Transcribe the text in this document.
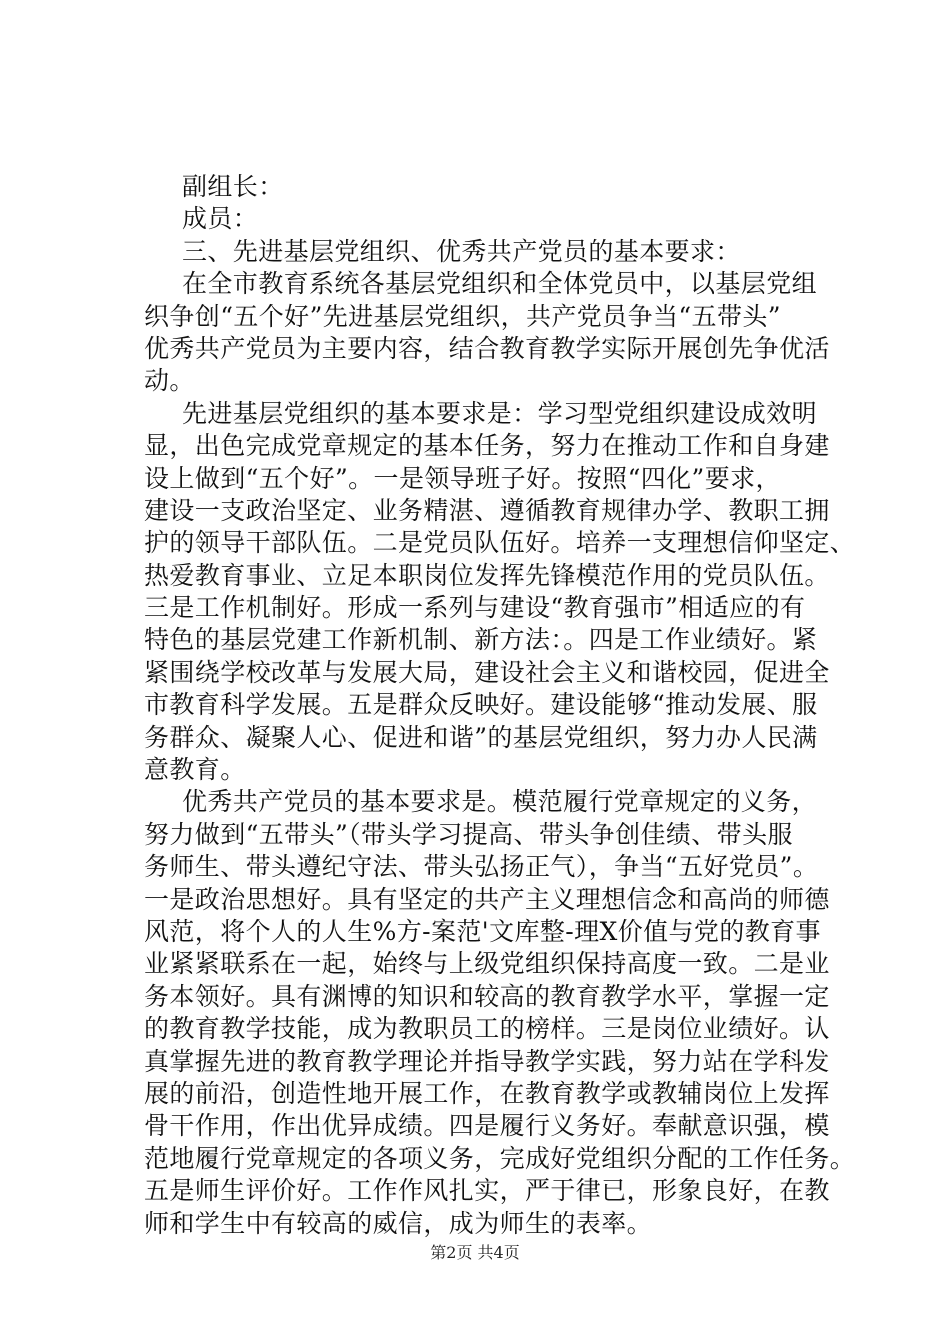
副组长：
成员：
三、先进基层党组织、优秀共产党员的基本要求：
在全市教育系统各基层党组织和全体党员中，以基层党组
织争创“五个好”先进基层党组织，共产党员争当“五带头”
优秀共产党员为主要内容，结合教育教学实际开展创先争优活
动。
先进基层党组织的基本要求是：学习型党组织建设成效明
显，出色完成党章规定的基本任务，努力在推动工作和自身建
设上做到“五个好”。一是领导班子好。按照“四化”要求，
建设一支政治坚定、业务精湛、遵循教育规律办学、教职工拥
护的领导干部队伍。二是党员队伍好。培养一支理想信仰坚定、
热爱教育事业、立足本职岗位发挥先锋模范作用的党员队伍。
三是工作机制好。形成一系列与建设“教育强市”相适应的有
特色的基层党建工作新机制、新方法：。四是工作业绩好。紧
紧围绕学校改革与发展大局，建设社会主义和谐校园，促进全
市教育科学发展。五是群众反映好。建设能够“推动发展、服
务群众、凝聚人心、促进和谐”的基层党组织，努力办人民满
意教育。
优秀共产党员的基本要求是。模范履行党章规定的义务，
努力做到“五带头”（带头学习提高、带头争创佳绩、带头服
务师生、带头遵纪守法、带头弘扬正气），争当“五好党员”。
一是政治思想好。具有坚定的共产主义理想信念和高尚的师德
风范，将个人的人生%方-案范'文库整-理X价值与党的教育事
业紧紧联系在一起，始终与上级党组织保持高度一致。二是业
务本领好。具有渊博的知识和较高的教育教学水平，掌握一定
的教育教学技能，成为教职员工的榜样。三是岗位业绩好。认
真掌握先进的教育教学理论并指导教学实践，努力站在学科发
展的前沿，创造性地开展工作，在教育教学或教辅岗位上发挥
骨干作用，作出优异成绩。四是履行义务好。奉献意识强，模
范地履行党章规定的各项义务，完成好党组织分配的工作任务。
五是师生评价好。工作作风扎实，严于律已，形象良好，在教
师和学生中有较高的威信，成为师生的表率。
第2页 共4页
